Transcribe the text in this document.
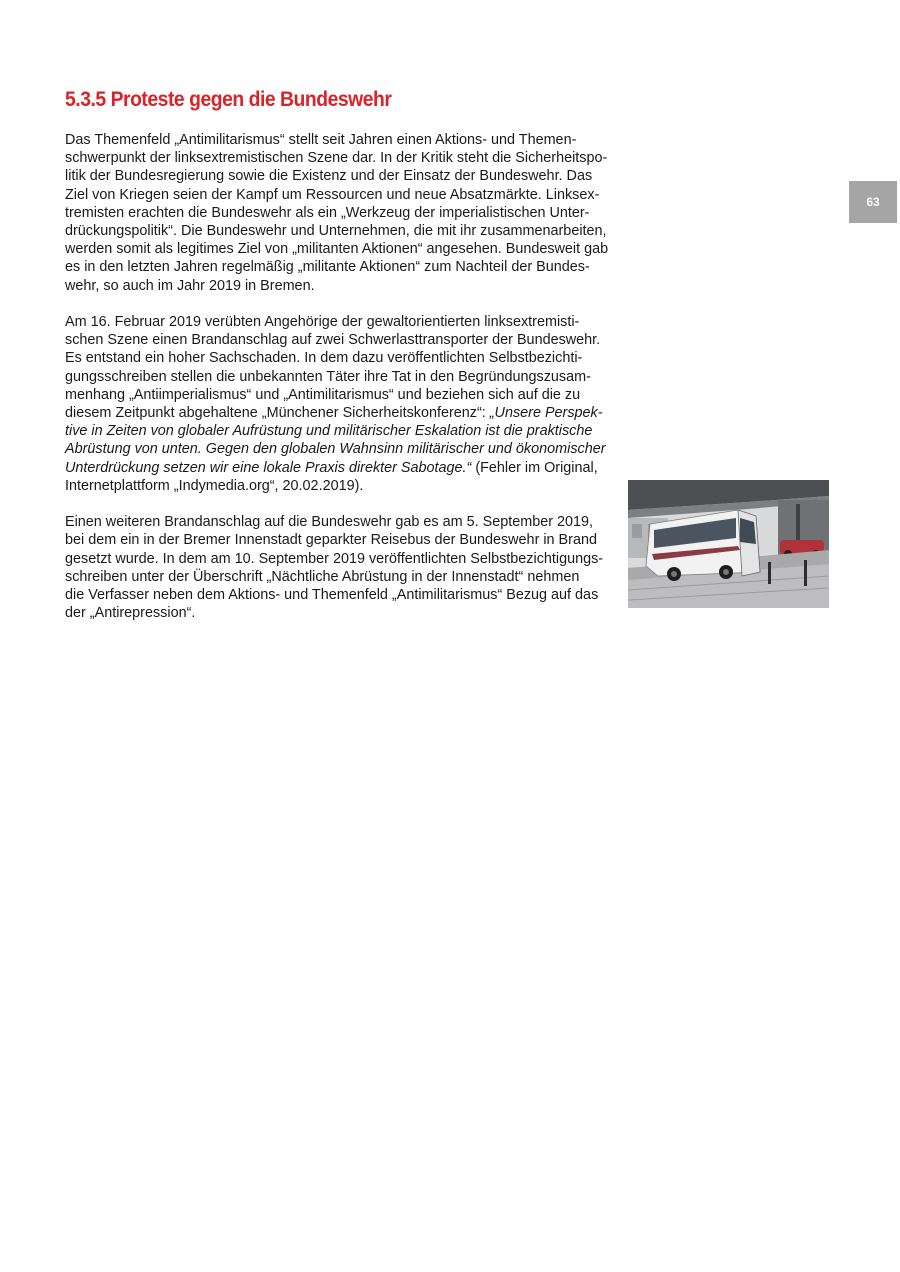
5.3.5 Proteste gegen die Bundeswehr

Das Themenfeld „Antimilitarismus“ stellt seit Jahren einen Aktions- und Themen-
schwerpunkt der linksextremistischen Szene dar. In der Kritik steht die Sicherheitspo-
litik der Bundesregierung sowie die Existenz und der Einsatz der Bundeswehr. Das
Ziel von Kriegen seien der Kampf um Ressourcen und neue Absatzmärkte. Linksex-
tremisten erachten die Bundeswehr als ein „Werkzeug der imperialistischen Unter-
drückungspolitik“. Die Bundeswehr und Unternehmen, die mit ihr zusammenarbeiten,
werden somit als legitimes Ziel von „militanten Aktionen“ angesehen. Bundesweit gab
es in den letzten Jahren regelmäßig „militante Aktionen“ zum Nachteil der Bundes-
wehr, so auch im Jahr 2019 in Bremen.

Am 16. Februar 2019 verübten Angehörige der gewaltorientierten linksextremisti-
schen Szene einen Brandanschlag auf zwei Schwerlasttransporter der Bundeswehr.
Es entstand ein hoher Sachschaden. In dem dazu veröffentlichten Selbstbezichti-
gungsschreiben stellen die unbekannten Täter ihre Tat in den Begründungszusam-
menhang „Antiimperialismus“ und „Antimilitarismus“ und beziehen sich auf die zu
diesem Zeitpunkt abgehaltene „Münchener Sicherheitskonferenz“: „Unsere Perspek-
tive in Zeiten von globaler Aufrüstung und militärischer Eskalation ist die praktische
Abrüstung von unten. Gegen den globalen Wahnsinn militärischer und ökonomischer
Unterdrückung setzen wir eine lokale Praxis direkter Sabotage.“ (Fehler im Original,
Internetplattform „Indymedia.org“, 20.02.2019).

Einen weiteren Brandanschlag auf die Bundeswehr gab es am 5. September 2019,
bei dem ein in der Bremer Innenstadt geparkter Reisebus der Bundeswehr in Brand
gesetzt wurde. In dem am 10. September 2019 veröffentlichten Selbstbezichtigungs-
schreiben unter der Überschrift „Nächtliche Abrüstung in der Innenstadt“ nehmen
die Verfasser neben dem Aktions- und Themenfeld „Antimilitarismus“ Bezug auf das
der „Antirepression“.

63
